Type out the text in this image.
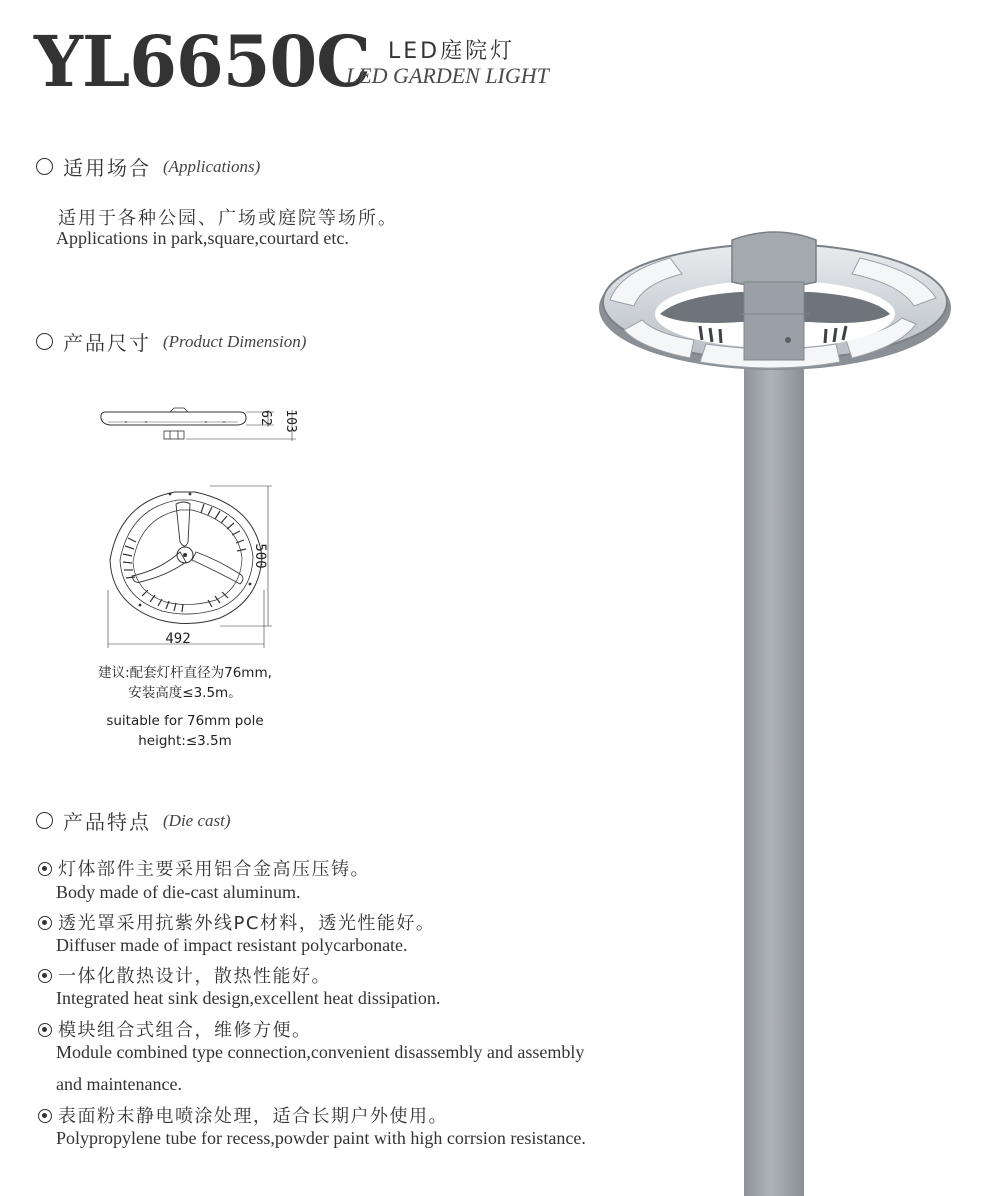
YL6650C LED庭院灯
LED GARDEN LIGHT
适用场合 (Applications)
适用于各种公园、广场或庭院等场所。
Applications in park,square,courtard etc.
产品尺寸 (Product Dimension)
62 103
500
492
建议:配套灯杆直径为76mm,
安装高度≤3.5m。
suitable for 76mm pole
height:≤3.5m
产品特点 (Die cast)
灯体部件主要采用铝合金高压压铸。
Body made of die-cast aluminum.
透光罩采用抗紫外线PC材料，透光性能好。
Diffuser made of impact resistant polycarbonate.
一体化散热设计，散热性能好。
Integrated heat sink design,excellent heat dissipation.
模块组合式组合，维修方便。
Module combined type connection,convenient disassembly and assembly
and maintenance.
表面粉末静电喷涂处理，适合长期户外使用。
Polypropylene tube for recess,powder paint with high corrsion resistance.
